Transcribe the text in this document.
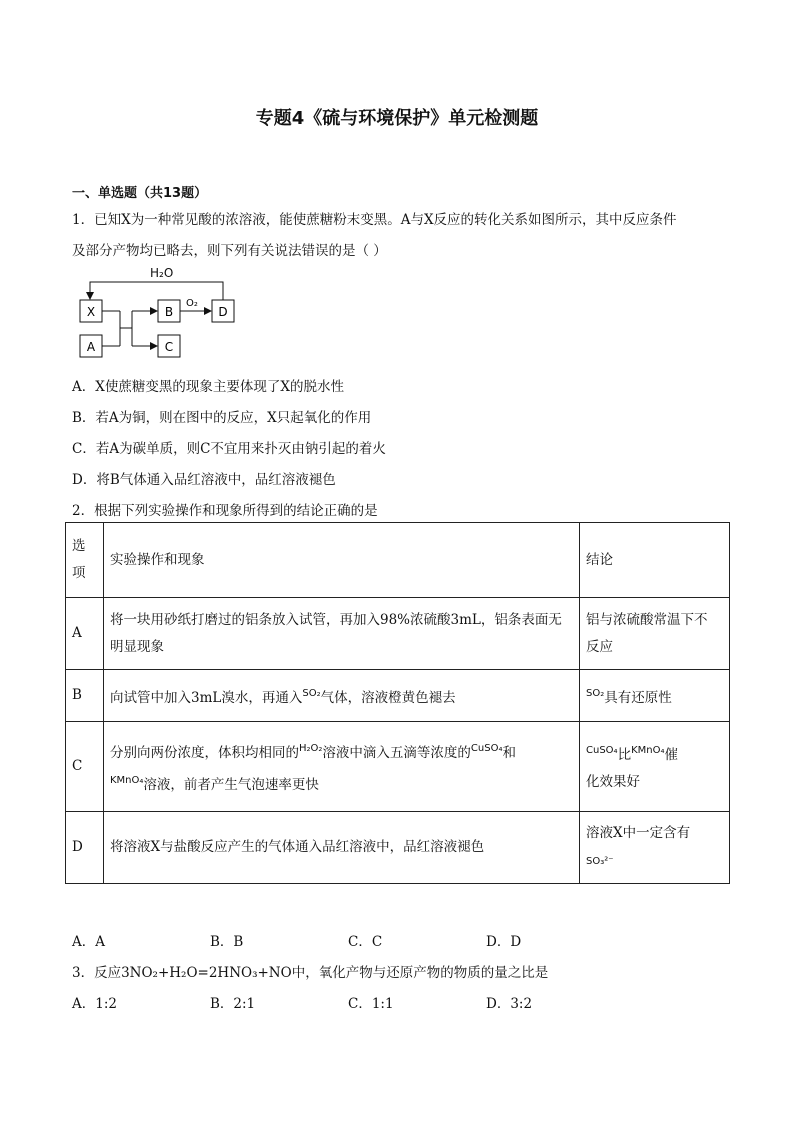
专题4《硫与环境保护》单元检测题
一、单选题（共13题）
1．已知X为一种常见酸的浓溶液，能使蔗糖粉末变黑。A与X反应的转化关系如图所示，其中反应条件
及部分产物均已略去，则下列有关说法错误的是（ ）
H₂O
X
A
B
C
O₂
D
A．X使蔗糖变黑的现象主要体现了X的脱水性
B．若A为铜，则在图中的反应，X只起氧化的作用
C．若A为碳单质，则C不宜用来扑灭由钠引起的着火
D．将B气体通入品红溶液中，品红溶液褪色
2．根据下列实验操作和现象所得到的结论正确的是
选
项	实验操作和现象	结论
A	将一块用砂纸打磨过的铝条放入试管，再加入98%浓硫酸3mL，铝条表面无
明显现象	铝与浓硫酸常温下不
反应
B	向试管中加入3mL溴水，再通入$^{SO_2}$气体，溶液橙黄色褪去	$^{SO_2}$具有还原性
C	分别向两份浓度，体积均相同的$^{H_2O_2}$溶液中滴入五滴等浓度的$^{CuSO_4}$和
$^{KMnO_4}$溶液，前者产生气泡速率更快	$^{CuSO_4}$比$^{KMnO_4}$催
化效果好
D	将溶液X与盐酸反应产生的气体通入品红溶液中，品红溶液褪色	溶液X中一定含有
SO₃²⁻
A．A	B．B	C．C	D．D
3．反应3NO₂+H₂O=2HNO₃+NO中，氧化产物与还原产物的物质的量之比是
A．1:2	B．2:1	C．1:1	D．3:2
